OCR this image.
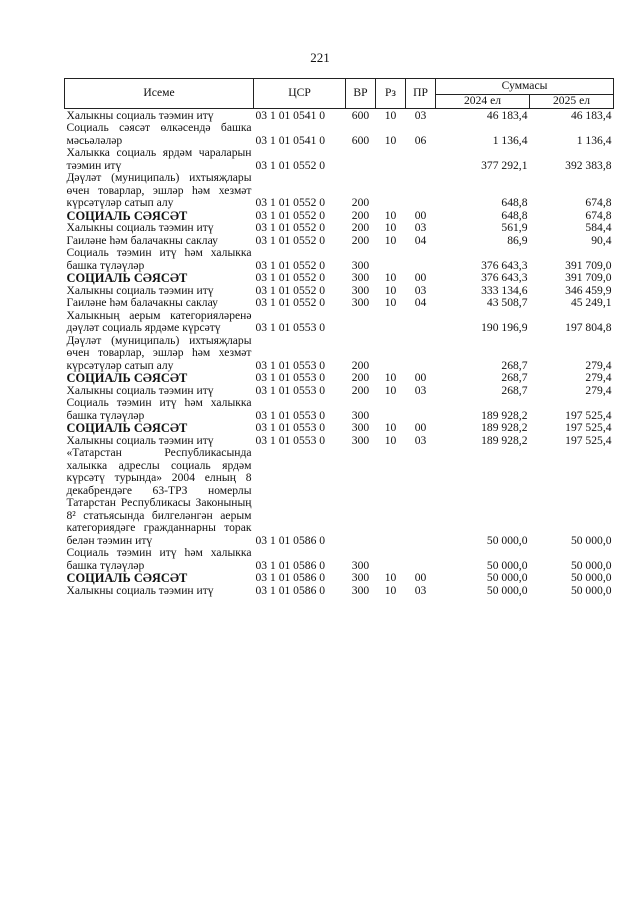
221
Исеме	ЦСР	ВР	Рз	ПР	Суммасы	
					2024 ел	2025 ел
Халыкны социаль тәэмин итү	03 1 01 0541 0	600	10	03	46 183,4	46 183,4
Социаль сәясәт өлкәсендә башка мәсьәләләр	03 1 01 0541 0	600	10	06	1 136,4	1 136,4
Халыкка социаль ярдәм чараларын тәэмин итү	03 1 01 0552 0				377 292,1	392 383,8
Дәүләт (муниципаль) ихтыяҗлары өчен товарлар, эшләр һәм хезмәт күрсәтүләр сатып алу	03 1 01 0552 0	200			648,8	674,8
СОЦИАЛЬ СӘЯСӘТ	03 1 01 0552 0	200	10	00	648,8	674,8
Халыкны социаль тәэмин итү	03 1 01 0552 0	200	10	03	561,9	584,4
Гаиләне һәм балачакны саклау	03 1 01 0552 0	200	10	04	86,9	90,4
Социаль тәэмин итү һәм халыкка башка түләүләр	03 1 01 0552 0	300			376 643,3	391 709,0
СОЦИАЛЬ СӘЯСӘТ	03 1 01 0552 0	300	10	00	376 643,3	391 709,0
Халыкны социаль тәэмин итү	03 1 01 0552 0	300	10	03	333 134,6	346 459,9
Гаиләне һәм балачакны саклау	03 1 01 0552 0	300	10	04	43 508,7	45 249,1
Халыкның аерым категорияләренә дәүләт социаль ярдәме күрсәтү	03 1 01 0553 0				190 196,9	197 804,8
Дәүләт (муниципаль) ихтыяҗлары өчен товарлар, эшләр һәм хезмәт күрсәтүләр сатып алу	03 1 01 0553 0	200			268,7	279,4
СОЦИАЛЬ СӘЯСӘТ	03 1 01 0553 0	200	10	00	268,7	279,4
Халыкны социаль тәэмин итү	03 1 01 0553 0	200	10	03	268,7	279,4
Социаль тәэмин итү һәм халыкка башка түләүләр	03 1 01 0553 0	300			189 928,2	197 525,4
СОЦИАЛЬ СӘЯСӘТ	03 1 01 0553 0	300	10	00	189 928,2	197 525,4
Халыкны социаль тәэмин итү	03 1 01 0553 0	300	10	03	189 928,2	197 525,4
«Татарстан Республикасында халыкка адреслы социаль ярдәм күрсәтү турында» 2004 елның 8 декабрендәге 63-ТРЗ номерлы Татарстан Республикасы Законының 8² статьясында билгеләнгән аерым категориядәге гражданнарны торак белән тәэмин итү	03 1 01 0586 0				50 000,0	50 000,0
Социаль тәэмин итү һәм халыкка башка түләүләр	03 1 01 0586 0	300			50 000,0	50 000,0
СОЦИАЛЬ СӘЯСӘТ	03 1 01 0586 0	300	10	00	50 000,0	50 000,0
Халыкны социаль тәэмин итү	03 1 01 0586 0	300	10	03	50 000,0	50 000,0
